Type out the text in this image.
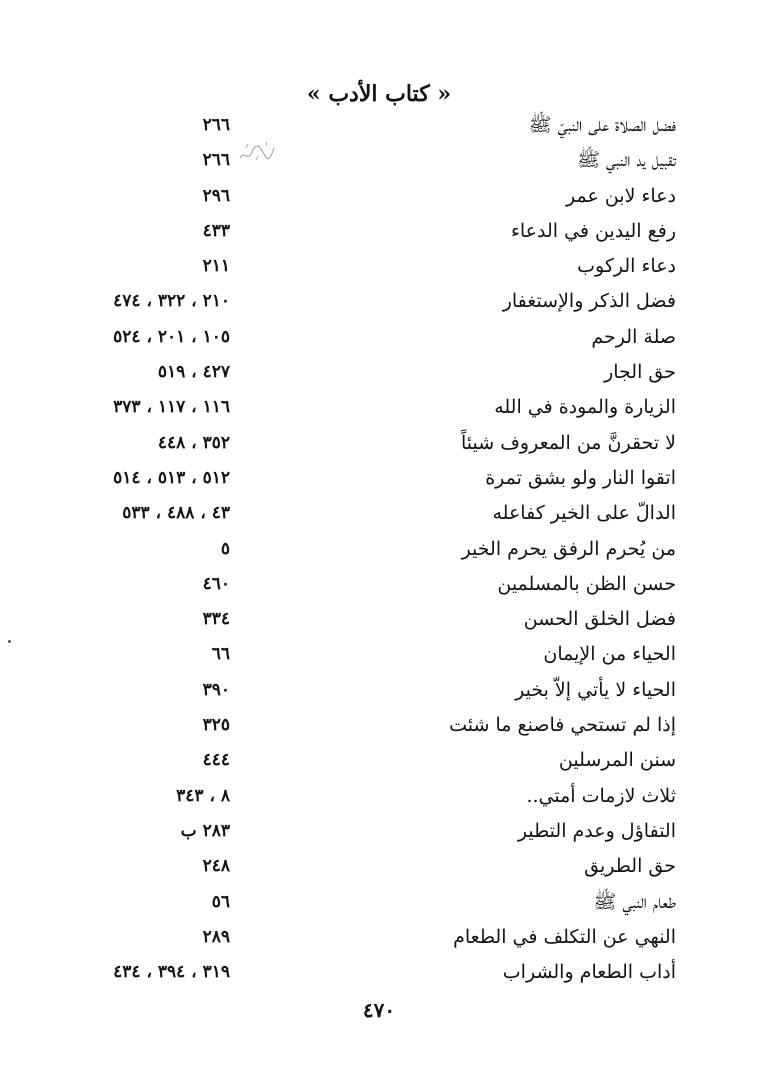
« كتاب الأدب »
فضل الصلاة على النبيّ ﷺ
٢٦٦
تقبيل يد النبي ﷺ
٢٦٦
دعاء لابن عمر
٢٩٦
رفع اليدين في الدعاء
٤٣٣
دعاء الركوب
٢١١
فضل الذكر والإستغفار
٢١٠ ، ٣٢٢ ، ٤٧٤
صلة الرحم
١٠٥ ، ٢٠١ ، ٥٢٤
حق الجار
٤٢٧ ، ٥١٩
الزيارة والمودة في الله
١١٦ ، ١١٧ ، ٣٧٣
لا تحقرنَّ من المعروف شيئاً
٣٥٢ ، ٤٤٨
اتقوا النار ولو بشق تمرة
٥١٢ ، ٥١٣ ، ٥١٤
الدالّ على الخير كفاعله
٤٣ ، ٤٨٨ ، ٥٣٣
من يُحرم الرفق يحرم الخير
٥
حسن الظن بالمسلمين
٤٦٠
فضل الخلق الحسن
٣٣٤
الحياء من الإيمان
٦٦
الحياء لا يأتي إلاّ بخير
٣٩٠
إذا لم تستحي فاصنع ما شئت
٣٢٥
سنن المرسلين
٤٤٤
ثلاث لازمات أمتي..
٨ ، ٣٤٣
التفاؤل وعدم التطير
٢٨٣ ب
حق الطريق
٢٤٨
طعام النبي ﷺ
٥٦
النهي عن التكلف في الطعام
٢٨٩
أداب الطعام والشراب
٣١٩ ، ٣٩٤ ، ٤٣٤
٤٧٠
